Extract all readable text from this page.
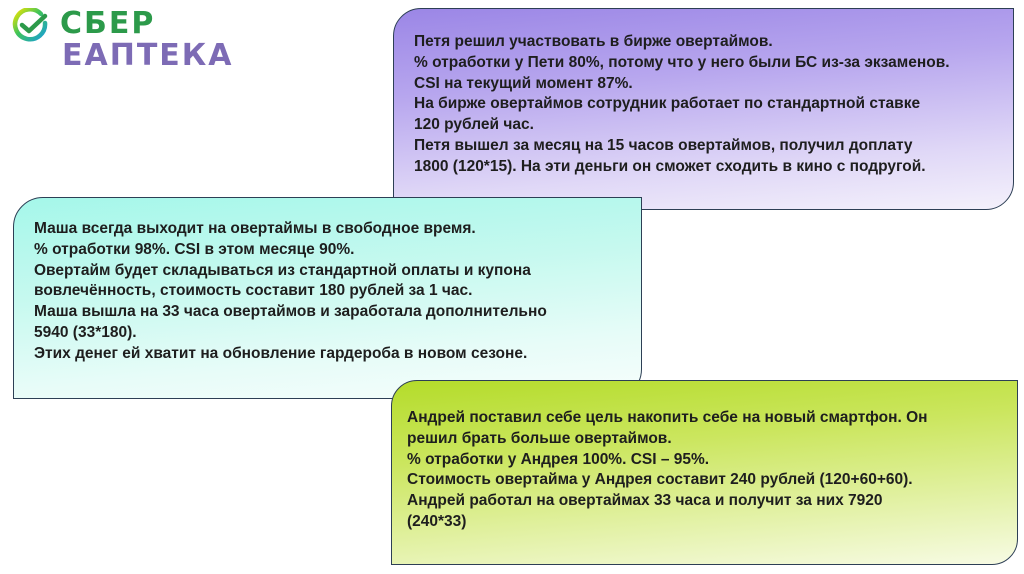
СБЕР
ЕАПТЕКА	Петя решил участвовать в бирже овертаймов.

% отработки у Пети 80%, потому что у него были БС из-за экзаменов.

CSI на текущий момент 87%.

На бирже овертаймов сотрудник работает по стандартной ставке

120 рублей час.

Петя вышел за месяц на 15 часов овертаймов, получил доплату

1800 (120*15). На эти деньги он сможет сходить в кино с подругой.

Маша всегда выходит на овертаймы в свободное время.

% отработки 98%. CSI в этом месяце 90%.

Овертайм будет складываться из стандартной оплаты и купона

вовлечённость, стоимость составит 180 рублей за 1 час.

Маша вышла на 33 часа овертаймов и заработала дополнительно

5940 (33*180).

Этих денег ей хватит на обновление гардероба в новом сезоне.

Андрей поставил себе цель накопить себе на новый смартфон. Он

решил брать больше овертаймов.

% отработки у Андрея 100%. CSI – 95%.

Стоимость овертайма у Андрея составит 240 рублей (120+60+60).

Андрей работал на овертаймах 33 часа и получит за них 7920

(240*33)
